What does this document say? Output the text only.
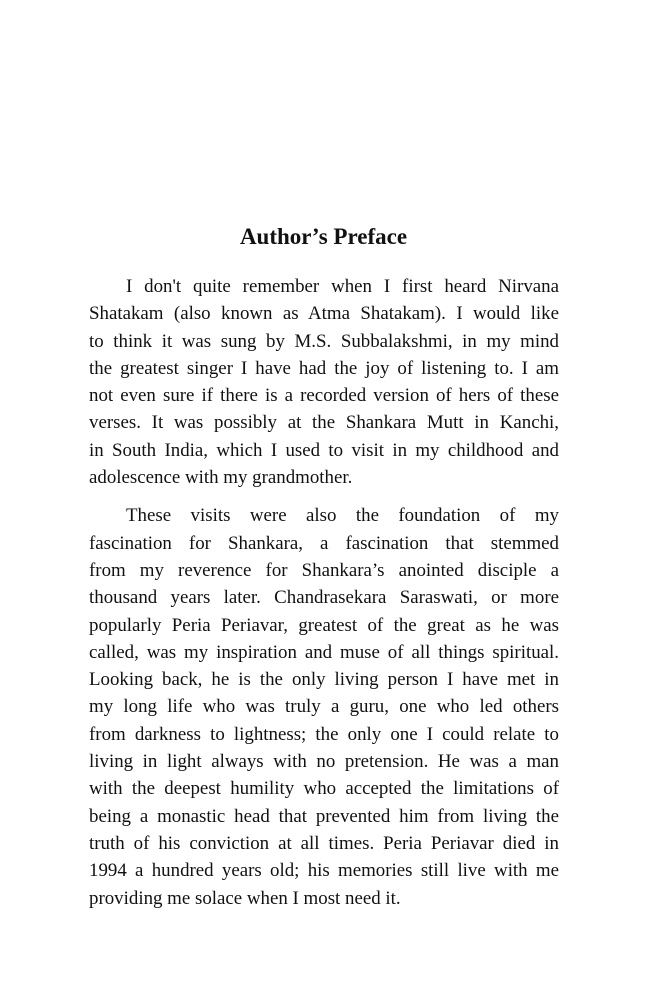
Author’s Preface
I don't quite remember when I first heard Nirvana
Shatakam (also known as Atma Shatakam). I would like
to think it was sung by M.S. Subbalakshmi, in my mind
the greatest singer I have had the joy of listening to. I am
not even sure if there is a recorded version of hers of these
verses. It was possibly at the Shankara Mutt in Kanchi,
in South India, which I used to visit in my childhood and
adolescence with my grandmother.
These visits were also the foundation of my
fascination for Shankara, a fascination that stemmed
from my reverence for Shankara’s anointed disciple a
thousand years later. Chandrasekara Saraswati, or more
popularly Peria Periavar, greatest of the great as he was
called, was my inspiration and muse of all things spiritual.
Looking back, he is the only living person I have met in
my long life who was truly a guru, one who led others
from darkness to lightness; the only one I could relate to
living in light always with no pretension. He was a man
with the deepest humility who accepted the limitations of
being a monastic head that prevented him from living the
truth of his conviction at all times. Peria Periavar died in
1994 a hundred years old; his memories still live with me
providing me solace when I most need it.
